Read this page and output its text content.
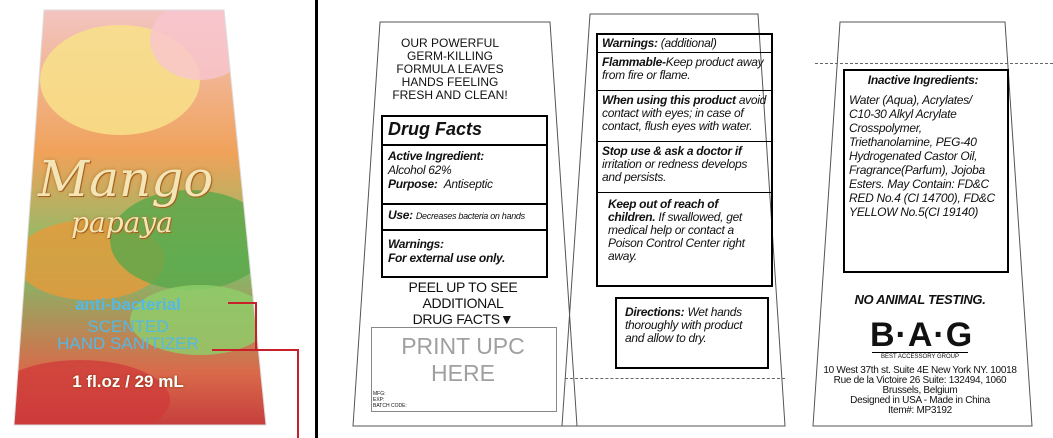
Mango
papaya
anti-bacterial
SCENTED
HAND SANITIZER
1 fl.oz / 29 mL
OUR POWERFUL GERM-KILLING FORMULA LEAVES HANDS FEELING FRESH AND CLEAN!
Drug Facts
Active Ingredient:
Alcohol 62%
Purpose: Antiseptic
Use: Decreases bacteria on hands
Warnings:
For external use only.
PEEL UP TO SEE ADDITIONAL
DRUG FACTS▼
PRINT UPC HERE
MFG:
EXP:
BATCH CODE:
Warnings: (additional)
Flammable-Keep product away from fire or flame.
When using this product avoid contact with eyes; in case of contact, flush eyes with water.
Stop use & ask a doctor if irritation or redness develops and persists.
Keep out of reach of children. If swallowed, get medical help or contact a Poison Control Center right away.
Directions: Wet hands thoroughly with product and allow to dry.
Inactive Ingredients:
Water (Aqua), Acrylates/ C10-30 Alkyl Acrylate Crosspolymer, Triethanolamine, PEG-40 Hydrogenated Castor Oil, Fragrance(Parfum), Jojoba Esters. May Contain: FD&C RED No.4 (CI 14700), FD&C YELLOW No.5(CI 19140)
NO ANIMAL TESTING.
B·A·G
BEST ACCESSORY GROUP
10 West 37th st. Suite 4E New York NY. 10018
Rue de la Victoire 26 Suite: 132494, 1060
Brussels, Belgium
Designed in USA - Made in China
Item#: MP3192
